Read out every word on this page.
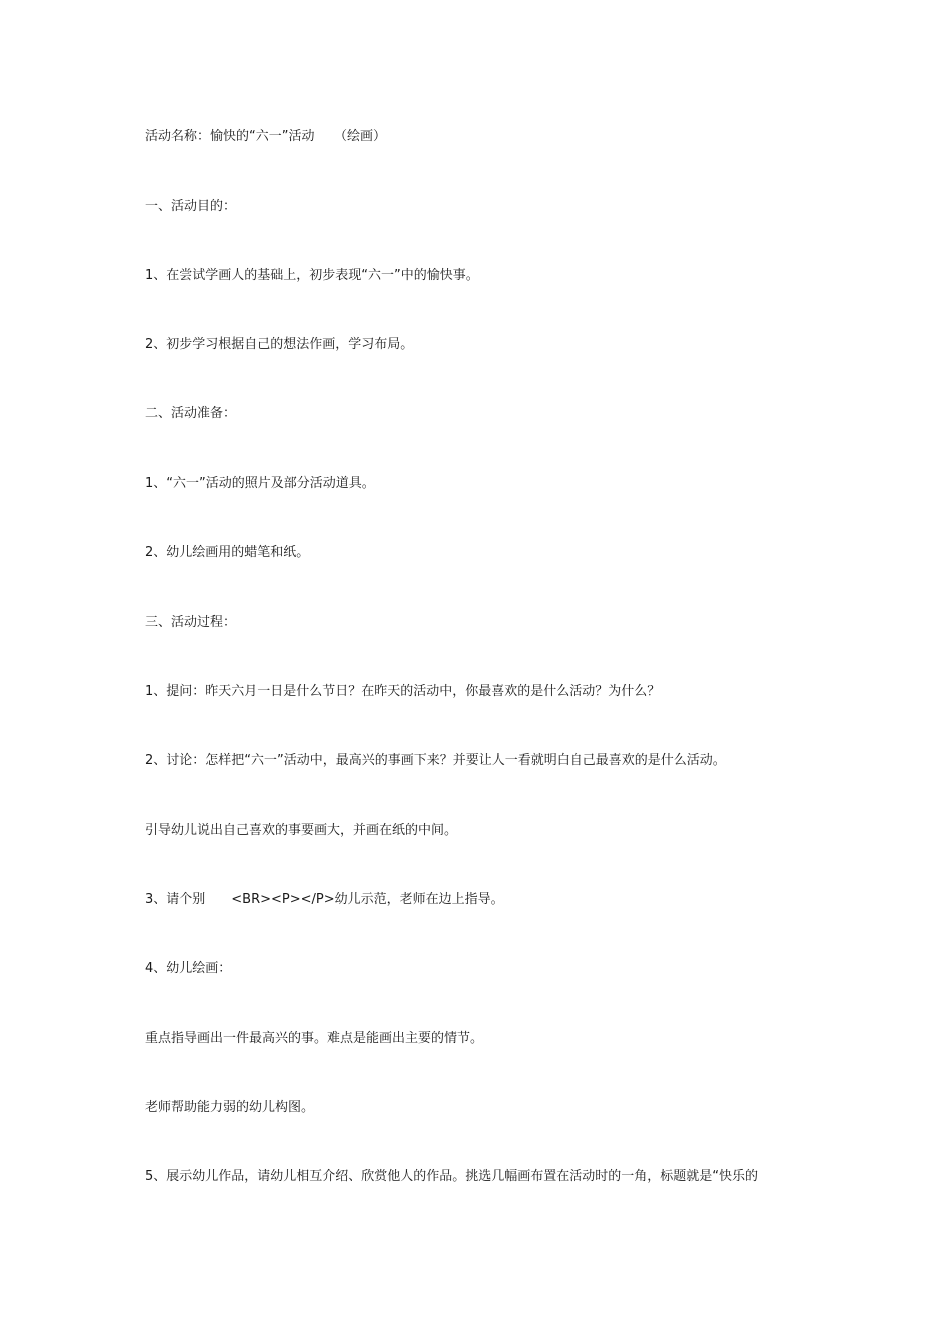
活动名称：愉快的“六一”活动　　（绘画）
一、活动目的：
1、在尝试学画人的基础上，初步表现“六一”中的愉快事。
2、初步学习根据自己的想法作画，学习布局。
二、活动准备：
1、“六一”活动的照片及部分活动道具。
2、幼儿绘画用的蜡笔和纸。
三、活动过程：
1、提问：昨天六月一日是什么节日？在昨天的活动中，你最喜欢的是什么活动？为什么？
2、讨论：怎样把“六一”活动中，最高兴的事画下来？并要让人一看就明白自己最喜欢的是什么活动。
引导幼儿说出自己喜欢的事要画大，并画在纸的中间。
3、请个别　　<BR><P></P>幼儿示范，老师在边上指导。
4、幼儿绘画：
重点指导画出一件最高兴的事。难点是能画出主要的情节。
老师帮助能力弱的幼儿构图。
5、展示幼儿作品，请幼儿相互介绍、欣赏他人的作品。挑选几幅画布置在活动时的一角，标题就是“快乐的
